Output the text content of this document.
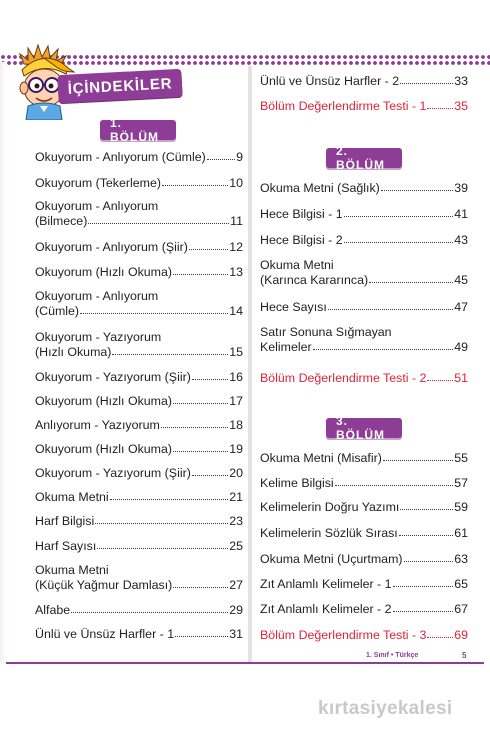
İÇİNDEKİLER
1. BÖLÜM
2. BÖLÜM
3. BÖLÜM
Okuyorum - Anlıyorum (Cümle) 9
Okuyorum (Tekerleme)	10
Okuyorum - Anlıyorum
(Bilmece)	11
Okuyorum - Anlıyorum (Şiir)	12
Okuyorum (Hızlı Okuma)	13
Okuyorum - Anlıyorum
(Cümle)	14
Okuyorum - Yazıyorum
(Hızlı Okuma)	15
Okuyorum - Yazıyorum (Şiir)	16
Okuyorum (Hızlı Okuma)	17
Anlıyorum - Yazıyorum	18
Okuyorum (Hızlı Okuma)	19
Okuyorum - Yazıyorum (Şiir)	20
Okuma Metni	21
Harf Bilgisi	23
Harf Sayısı	25
Okuma Metni
(Küçük Yağmur Damlası)	27
Alfabe	29
Ünlü ve Ünsüz Harfler - 1	31
Ünlü ve Ünsüz Harfler - 2	33
Bölüm Değerlendirme Testi - 1 35
Okuma Metni (Sağlık)	39
Hece Bilgisi - 1	41
Hece Bilgisi - 2	43
Okuma Metni
(Karınca Kararınca)	45
Hece Sayısı	47
Satır Sonuna Sığmayan
Kelimeler	49
Bölüm Değerlendirme Testi - 2 51
Okuma Metni (Misafir)	55
Kelime Bilgisi	57
Kelimelerin Doğru Yazımı	59
Kelimelerin Sözlük Sırası	61
Okuma Metni (Uçurtmam)	63
Zıt Anlamlı Kelimeler - 1	65
Zıt Anlamlı Kelimeler - 2	67
Bölüm Değerlendirme Testi - 3 69
1. Sınıf • Türkçe	5
kırtasiyekalesi
